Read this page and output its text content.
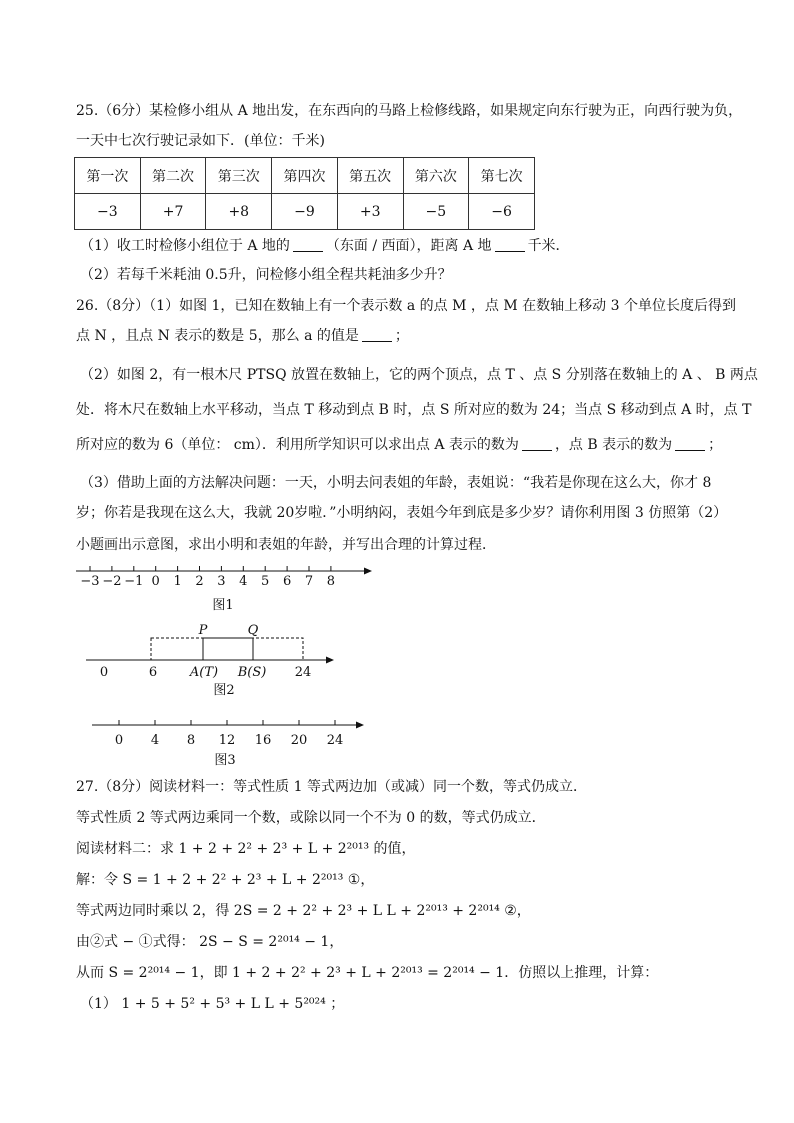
25.（6分）某检修小组从 A 地出发，在东西向的马路上检修线路，如果规定向东行驶为正，向西行驶为负，
一天中七次行驶记录如下．(单位：千米)
第一次	第二次	第三次	第四次	第五次	第六次	第七次
−3	+7	+8	−9	+3	−5	−6
（1）收工时检修小组位于 A 地的	（东面 / 西面），距离 A 地	千米．
（2）若每千米耗油 0.5升，问检修小组全程共耗油多少升？
26.（8分）（1）如图 1，已知在数轴上有一个表示数 a 的点 M ，点 M 在数轴上移动 3 个单位长度后得到
点 N ，且点 N 表示的数是 5，那么 a 的值是	；
（2）如图 2，有一根木尺 PTSQ 放置在数轴上，它的两个顶点，点 T 、点 S 分别落在数轴上的 A 、 B 两点
处．将木尺在数轴上水平移动，当点 T 移动到点 B 时，点 S 所对应的数为 24；当点 S 移动到点 A 时，点 T
所对应的数为 6（单位： cm）．利用所学知识可以求出点 A 表示的数为	，点 B 表示的数为	；
（3）借助上面的方法解决问题：一天，小明去问表姐的年龄，表姐说：“我若是你现在这么大，你才 8
岁；你若是我现在这么大，我就 20岁啦．”小明纳闷，表姐今年到底是多少岁？请你利用图 3 仿照第（2）
小题画出示意图，求出小明和表姐的年龄，并写出合理的计算过程．
−3 −2 −1 0 1 2 3 4 5 6 7 8
图1
0	6	A(T) B(S) 24
P	Q
图2
0 4 8 12 16 20 24
图3
27.（8分）阅读材料一：等式性质 1 等式两边加（或减）同一个数，等式仍成立．
等式性质 2 等式两边乘同一个数，或除以同一个不为 0 的数，等式仍成立．
阅读材料二：求 1 + 2 + 2² + 2³ + L + 2²⁰¹³ 的值，
解：令 S = 1 + 2 + 2² + 2³ + L + 2²⁰¹³ ①，
等式两边同时乘以 2，得 2S = 2 + 2² + 2³ + L L + 2²⁰¹³ + 2²⁰¹⁴ ②，
由②式 − ①式得： 2S − S = 2²⁰¹⁴ − 1，
从而 S = 2²⁰¹⁴ − 1，即 1 + 2 + 2² + 2³ + L + 2²⁰¹³ = 2²⁰¹⁴ − 1．仿照以上推理，计算：
（1） 1 + 5 + 5² + 5³ + L L + 5²⁰²⁴ ；
